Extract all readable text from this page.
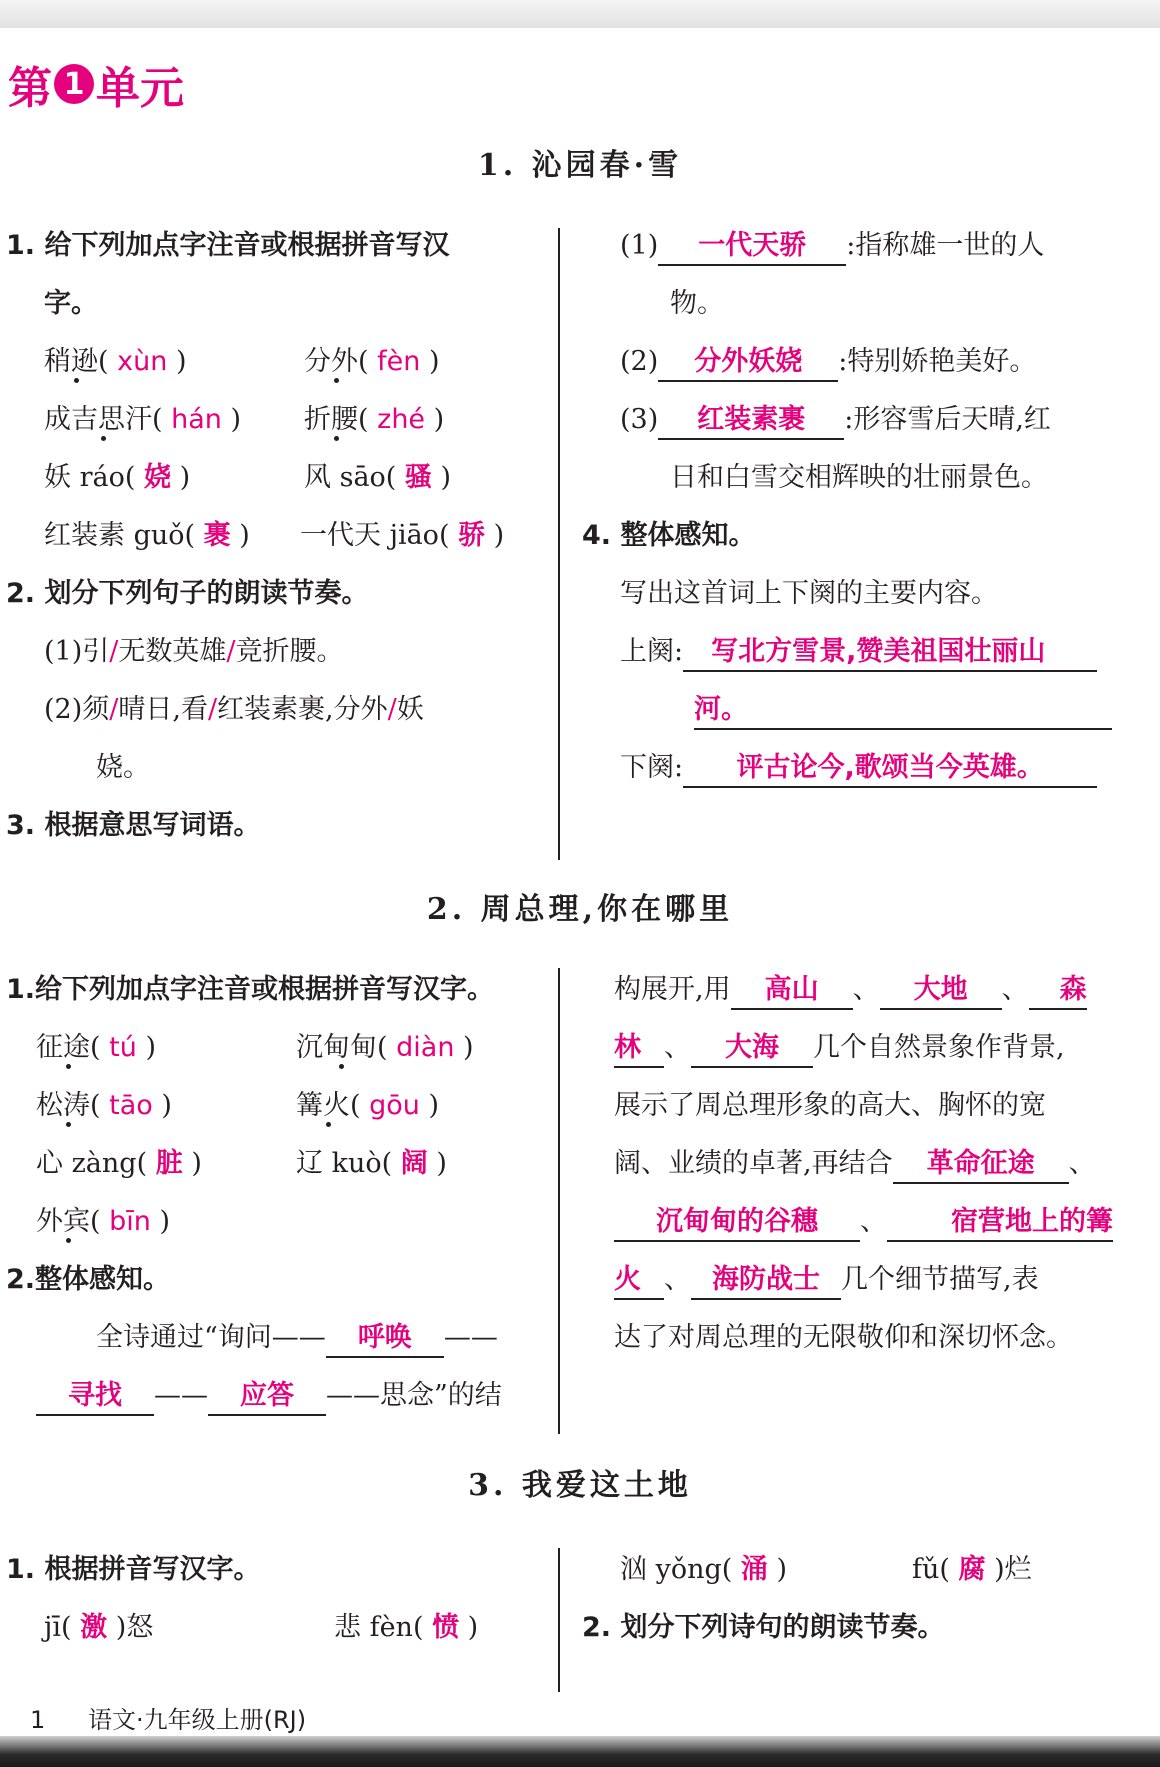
第 1 单元
1. 沁园春·雪
1. 给下列加点字注音或根据拼音写汉
字。
稍逊( xùn )	分外( fèn )
成吉思汗( hán ) 折腰( zhé )
妖 ráo( 娆 )	风 sāo( 骚 )
红装素 guǒ( 裹 ) 一代天 jiāo( 骄 )
2. 划分下列句子的朗读节奏。
(1)引/无数英雄/竞折腰。
(2)须/晴日,看/红装素裹,分外/妖
娆。
3. 根据意思写词语。
(1) 一代天骄 :指称雄一世的人
物。
(2) 分外妖娆 :特别娇艳美好。
(3) 红装素裹 :形容雪后天晴,红
日和白雪交相辉映的壮丽景色。
4. 整体感知。
写出这首词上下阕的主要内容。
上阕: 写北方雪景,赞美祖国壮丽山
河。
下阕: 评古论今,歌颂当今英雄。
2. 周总理,你在哪里
1.给下列加点字注音或根据拼音写汉字。
征途( tú )	沉甸甸( diàn )
松涛( tāo )	篝火( gōu )
心 zàng( 脏 )	辽 kuò( 阔 )
外宾( bīn )
2.整体感知。
全诗通过“询问—— 呼唤 ——
寻找 —— 应答 ——思念”的结
构展开,用 高山 、 大地 、 森
林 、 大海 几个自然景象作背景,
展示了周总理形象的高大、胸怀的宽
阔、业绩的卓著,再结合 革命征途 、
沉甸甸的谷穗 、 宿营地上的篝
火 、 海防战士 几个细节描写,表
达了对周总理的无限敬仰和深切怀念。
3. 我爱这土地
1. 根据拼音写汉字。
jī( 激 )怒	悲 fèn( 愤 )
汹 yǒng( 涌 )	fǔ( 腐 )烂
2. 划分下列诗句的朗读节奏。
1 语文·九年级上册(RJ)
